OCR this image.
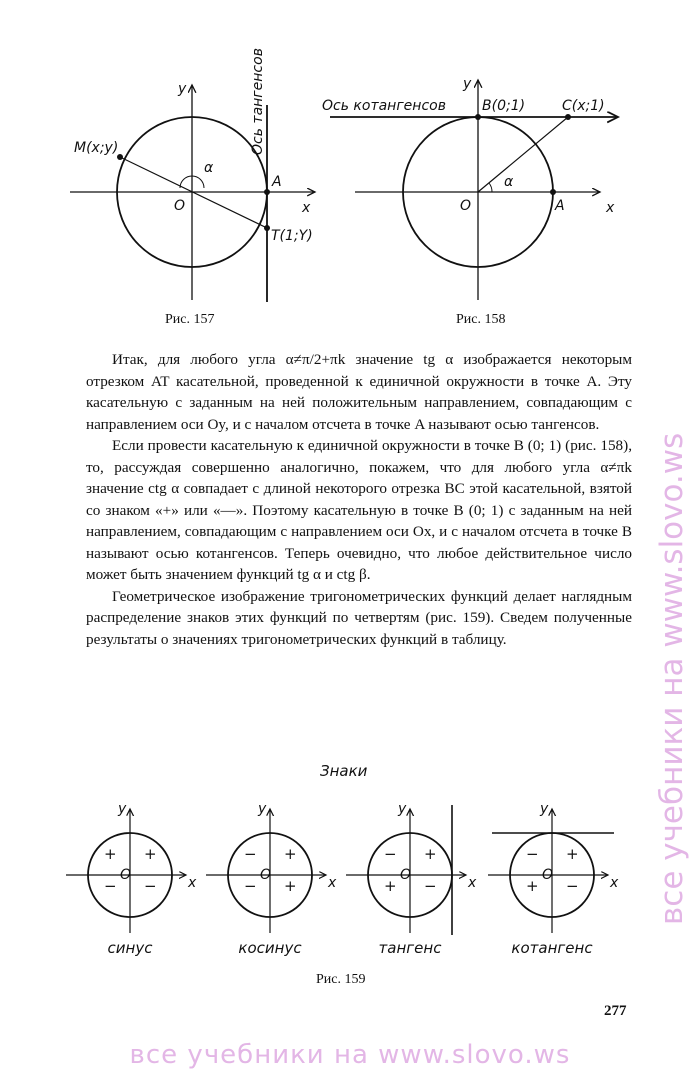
y
x
O
M(x;y)
A
T(1;Y)
α
Ось тангенсов
Рис. 157
y
x
O	A
B(0;1)	C(x;1)
α
Ось котангенсов
Рис. 158
Знаки
y
x
O
+
+
− −
синус
y
x
O
+
−
− +
косинус
y
x
O
+
−
+ −
тангенс
y
x
O
+
−
+ −
котангенс
Рис. 159

Итак, для любого угла α≠π/2+πk значение tg α изображается некоторым отрезком AT касательной, проведенной к единичной окружности в точке A. Эту касательную с заданным на ней положительным направлением, совпадающим с направлением оси Oy, и с началом отсчета в точке A называют осью тангенсов.

Если провести касательную к единичной окружности в точке B (0; 1) (рис. 158), то, рассуждая совершенно аналогично, покажем, что для любого угла α≠πk значение ctg α совпадает с длиной некоторого отрезка BC этой касательной, взятой со знаком «+» или «—». Поэтому касательную в точке B (0; 1) с заданным на ней направлением, совпадающим с направлением оси Ox, и с началом отсчета в точке B называют осью котангенсов. Теперь очевидно, что любое действительное число может быть значением функций tg α и ctg β.

Геометрическое изображение тригонометрических функций делает наглядным распределение знаков этих функций по четвертям (рис. 159). Сведем полученные результаты о значениях тригонометрических функций в таблицу.

277
все учебники на www.slovo.ws
все учебники на www.slovo.ws
